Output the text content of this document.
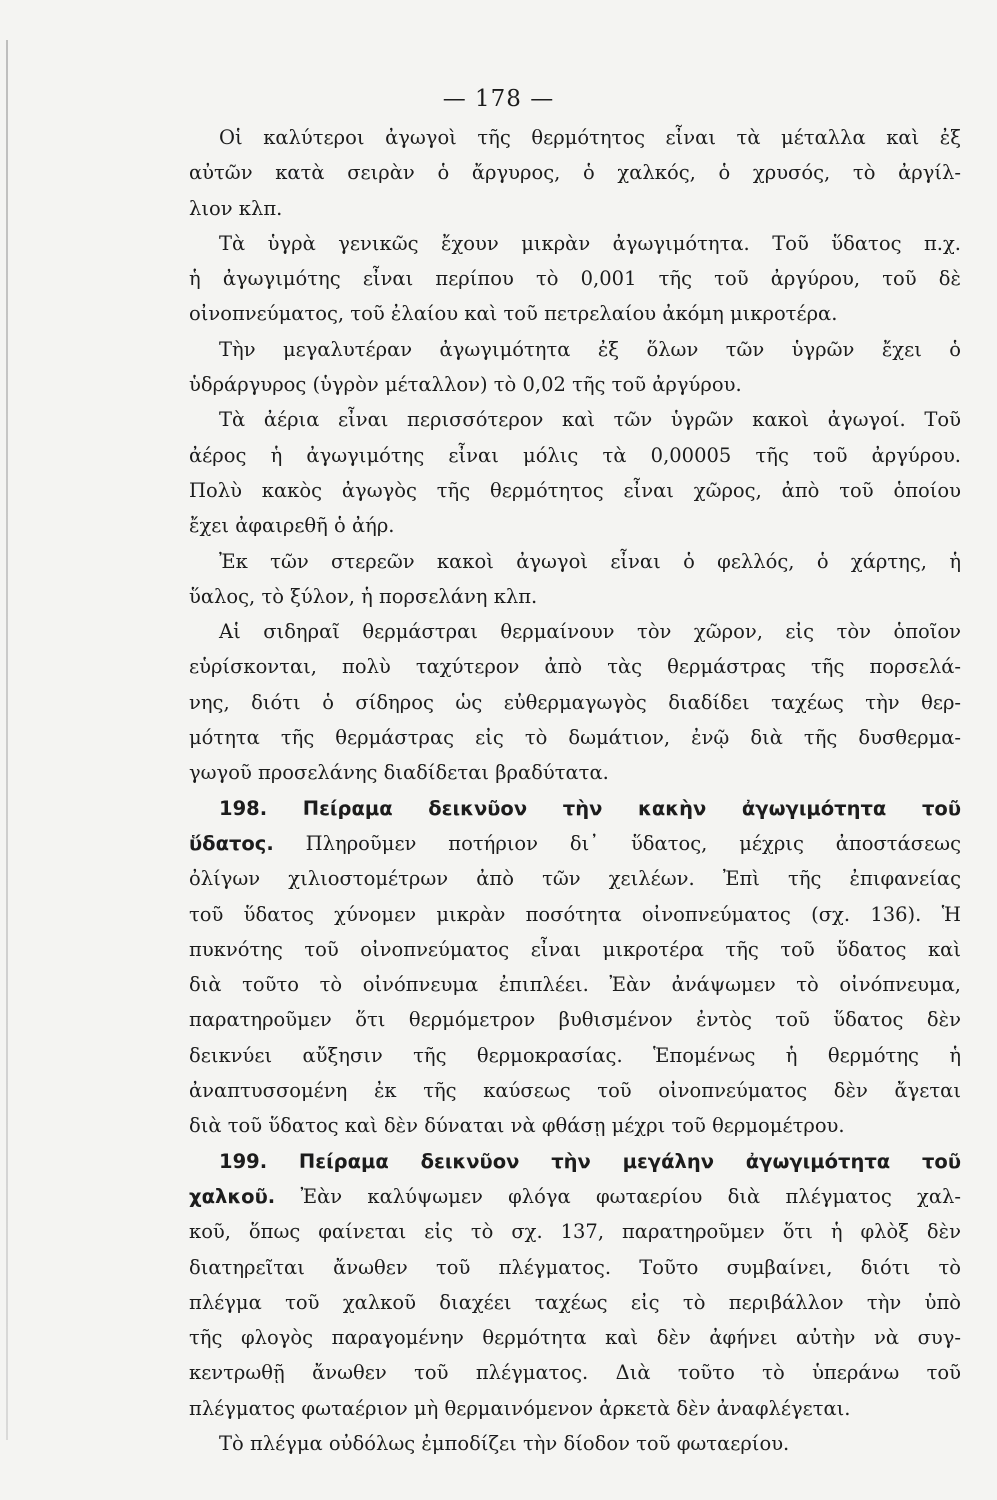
— 178 —
Οἱ καλύτεροι ἀγωγοὶ τῆς θερμότητος εἶναι τὰ μέταλλα καὶ ἐξ
αὐτῶν κατὰ σειρὰν ὁ ἄργυρος, ὁ χαλκός, ὁ χρυσός, τὸ ἀργίλ-
λιον κλπ.
Τὰ ὑγρὰ γενικῶς ἔχουν μικρὰν ἀγωγιμότητα. Τοῦ ὕδατος π.χ.
ἡ ἀγωγιμότης εἶναι περίπου τὸ 0,001 τῆς τοῦ ἀργύρου, τοῦ δὲ
οἰνοπνεύματος, τοῦ ἐλαίου καὶ τοῦ πετρελαίου ἀκόμη μικροτέρα.
Τὴν μεγαλυτέραν ἀγωγιμότητα ἐξ ὅλων τῶν ὑγρῶν ἔχει ὁ
ὑδράργυρος (ὑγρὸν μέταλλον) τὸ 0,02 τῆς τοῦ ἀργύρου.
Τὰ ἀέρια εἶναι περισσότερον καὶ τῶν ὑγρῶν κακοὶ ἀγωγοί. Τοῦ
ἀέρος ἡ ἀγωγιμότης εἶναι μόλις τὰ 0,00005 τῆς τοῦ ἀργύρου.
Πολὺ κακὸς ἀγωγὸς τῆς θερμότητος εἶναι χῶρος, ἀπὸ τοῦ ὁποίου
ἔχει ἀφαιρεθῆ ὁ ἀήρ.
Ἐκ τῶν στερεῶν κακοὶ ἀγωγοὶ εἶναι ὁ φελλός, ὁ χάρτης, ἡ
ὕαλος, τὸ ξύλον, ἡ πορσελάνη κλπ.
Αἱ σιδηραῖ θερμάστραι θερμαίνουν τὸν χῶρον, εἰς τὸν ὁποῖον
εὑρίσκονται, πολὺ ταχύτερον ἀπὸ τὰς θερμάστρας τῆς πορσελά-
νης, διότι ὁ σίδηρος ὡς εὐθερμαγωγὸς διαδίδει ταχέως τὴν θερ-
μότητα τῆς θερμάστρας εἰς τὸ δωμάτιον, ἐνῷ διὰ τῆς δυσθερμα-
γωγοῦ προσελάνης διαδίδεται βραδύτατα.
198. Πείραμα δεικνῦον τὴν κακὴν ἀγωγιμότητα τοῦ
ὕδατος. Πληροῦμεν ποτήριον δι᾽ ὕδατος, μέχρις ἀποστάσεως
ὀλίγων χιλιοστομέτρων ἀπὸ τῶν χειλέων. Ἐπὶ τῆς ἐπιφανείας
τοῦ ὕδατος χύνομεν μικρὰν ποσότητα οἰνοπνεύματος (σχ. 136). Ἡ
πυκνότης τοῦ οἰνοπνεύματος εἶναι μικροτέρα τῆς τοῦ ὕδατος καὶ
διὰ τοῦτο τὸ οἰνόπνευμα ἐπιπλέει. Ἐὰν ἀνάψωμεν τὸ οἰνόπνευμα,
παρατηροῦμεν ὅτι θερμόμετρον βυθισμένον ἐντὸς τοῦ ὕδατος δὲν
δεικνύει αὔξησιν τῆς θερμοκρασίας. Ἑπομένως ἡ θερμότης ἡ
ἀναπτυσσομένη ἐκ τῆς καύσεως τοῦ οἰνοπνεύματος δὲν ἄγεται
διὰ τοῦ ὕδατος καὶ δὲν δύναται νὰ φθάσῃ μέχρι τοῦ θερμομέτρου.
199. Πείραμα δεικνῦον τὴν μεγάλην ἀγωγιμότητα τοῦ
χαλκοῦ. Ἐὰν καλύψωμεν φλόγα φωταερίου διὰ πλέγματος χαλ-
κοῦ, ὅπως φαίνεται εἰς τὸ σχ. 137, παρατηροῦμεν ὅτι ἡ φλὸξ δὲν
διατηρεῖται ἄνωθεν τοῦ πλέγματος. Τοῦτο συμβαίνει, διότι τὸ
πλέγμα τοῦ χαλκοῦ διαχέει ταχέως εἰς τὸ περιβάλλον τὴν ὑπὸ
τῆς φλογὸς παραγομένην θερμότητα καὶ δὲν ἀφήνει αὐτὴν νὰ συγ-
κεντρωθῇ ἄνωθεν τοῦ πλέγματος. Διὰ τοῦτο τὸ ὑπεράνω τοῦ
πλέγματος φωταέριον μὴ θερμαινόμενον ἀρκετὰ δὲν ἀναφλέγεται.
Τὸ πλέγμα οὐδόλως ἐμποδίζει τὴν δίοδον τοῦ φωταερίου.
